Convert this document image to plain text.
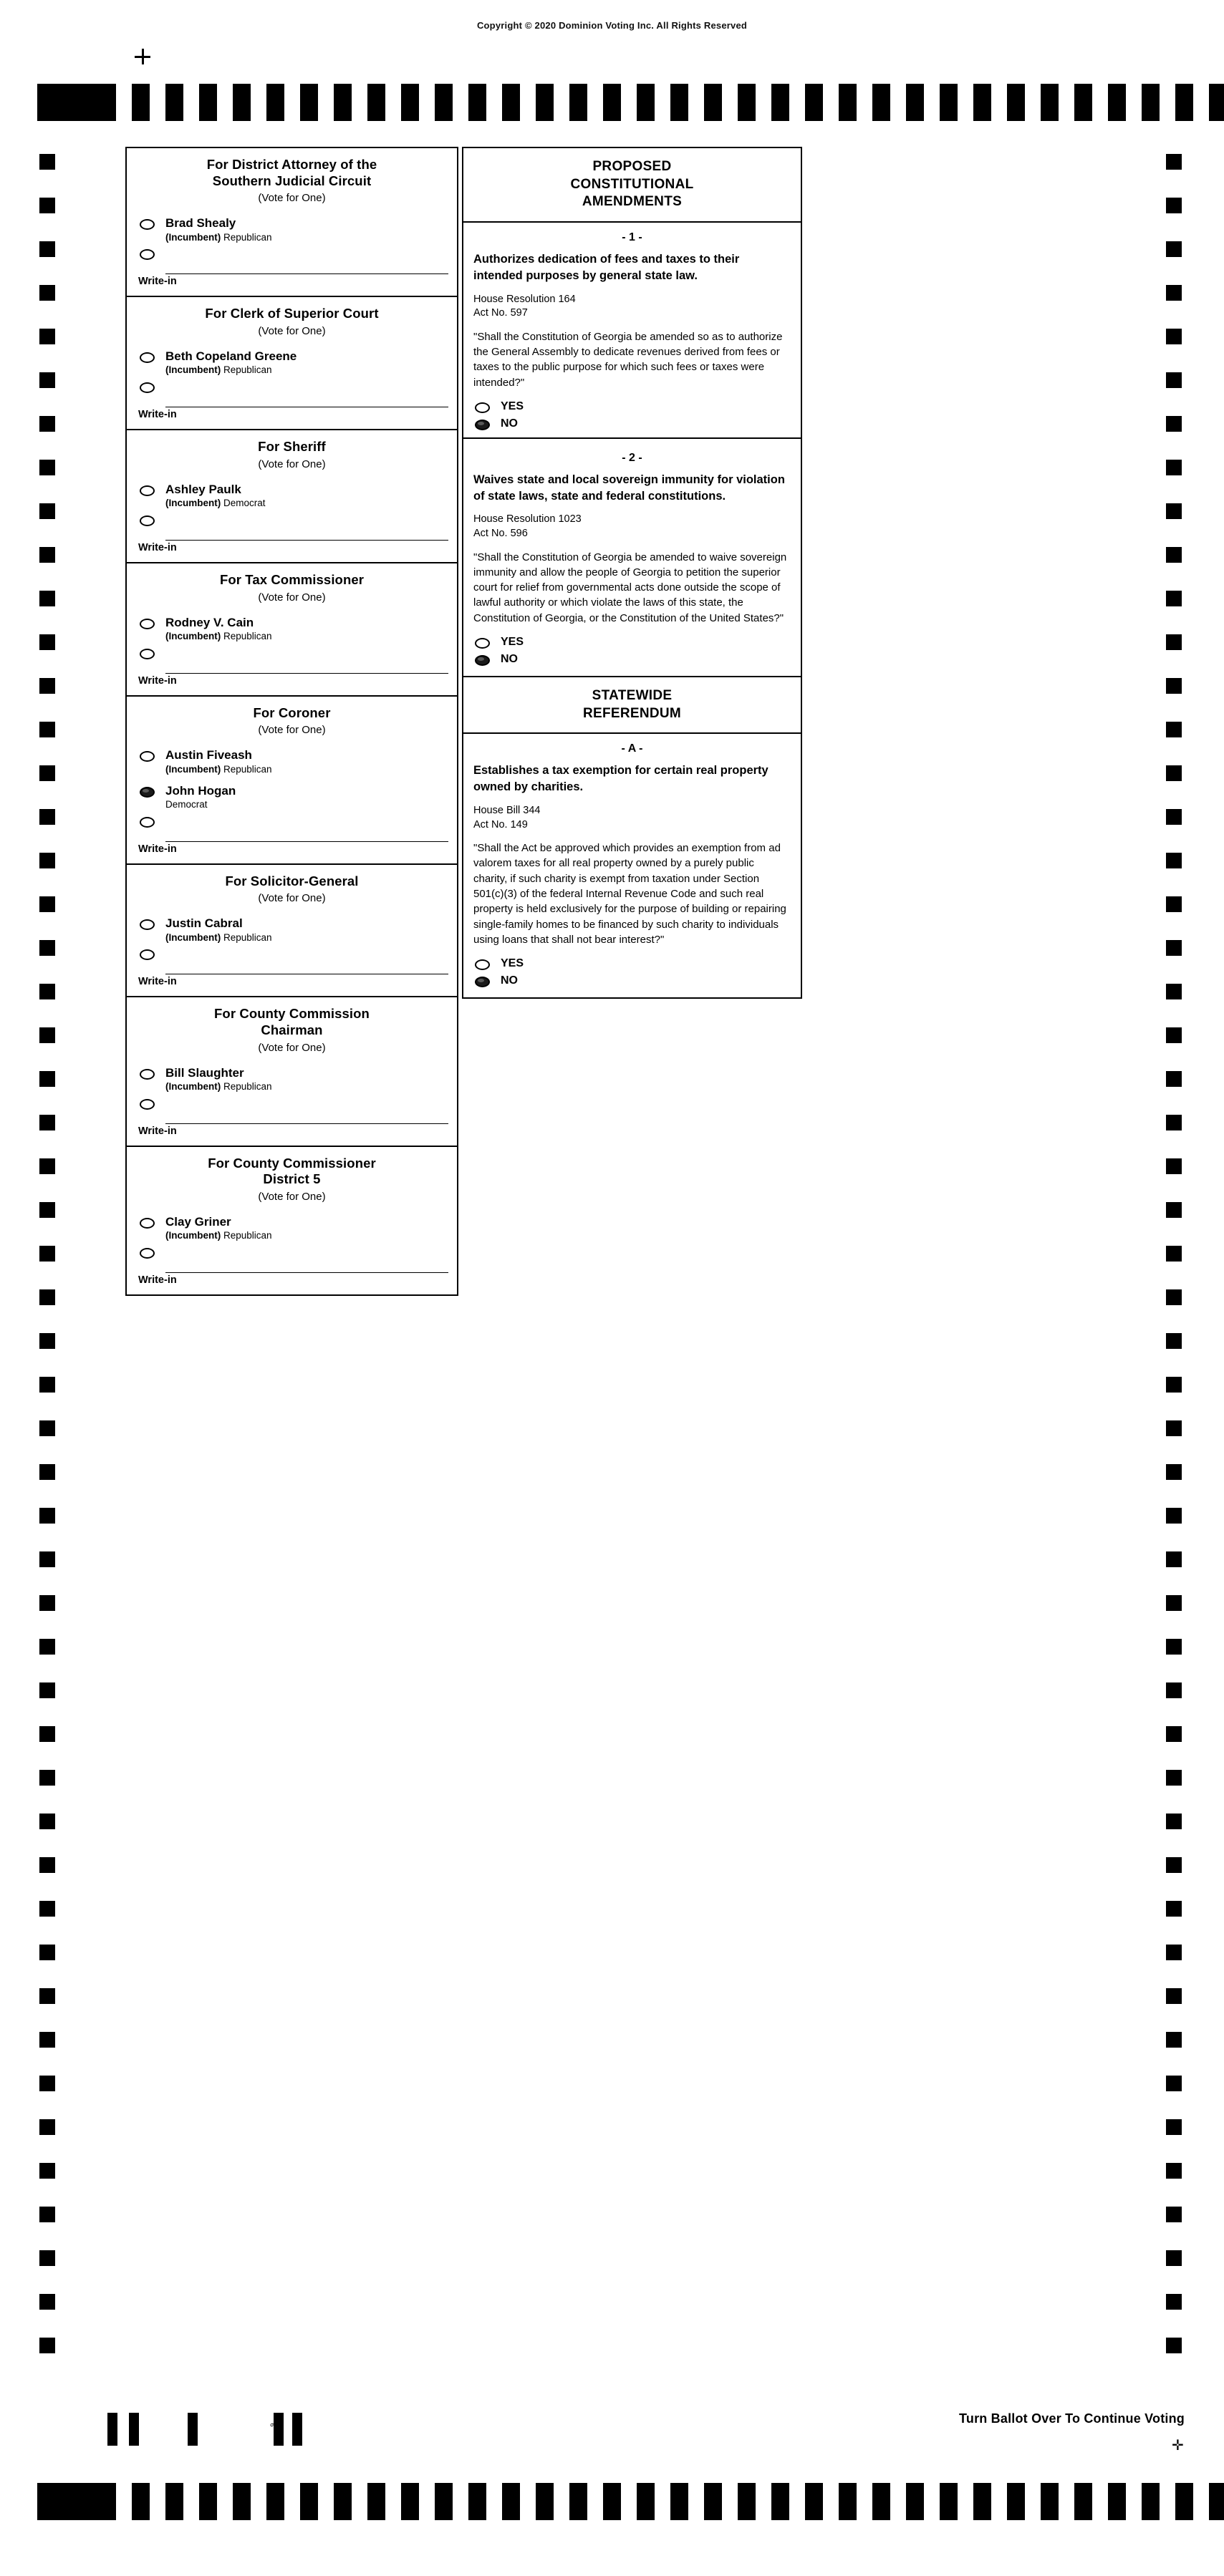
Copyright © 2020 Dominion Voting Inc. All Rights Reserved
6
For District Attorney of the
Southern Judicial Circuit
(Vote for One)
Brad Shealy
(Incumbent) Republican
Write-in
For Clerk of Superior Court
(Vote for One)
Beth Copeland Greene
(Incumbent) Republican
Write-in
For Sheriff
(Vote for One)
Ashley Paulk
(Incumbent) Democrat
Write-in
For Tax Commissioner
(Vote for One)
Rodney V. Cain
(Incumbent) Republican
Write-in
For Coroner
(Vote for One)
Austin Fiveash
(Incumbent) Republican
John Hogan
Democrat
Write-in
For Solicitor-General
(Vote for One)
Justin Cabral
(Incumbent) Republican
Write-in
For County Commission
Chairman
(Vote for One)
Bill Slaughter
(Incumbent) Republican
Write-in
For County Commissioner
District 5
(Vote for One)
Clay Griner
(Incumbent) Republican
Write-in
PROPOSED
CONSTITUTIONAL
AMENDMENTS
- 1 -
Authorizes dedication of fees and taxes to their intended purposes by general state law.
House Resolution 164
Act No. 597
"Shall the Constitution of Georgia be amended so as to authorize the General Assembly to dedicate revenues derived from fees or taxes to the public purpose for which such fees or taxes were intended?"
YES
NO
- 2 -
Waives state and local sovereign immunity for violation of state laws, state and federal constitutions.
House Resolution 1023
Act No. 596
"Shall the Constitution of Georgia be amended to waive sovereign immunity and allow the people of Georgia to petition the superior court for relief from governmental acts done outside the scope of lawful authority or which violate the laws of this state, the Constitution of Georgia, or the Constitution of the United States?"
YES
NO
STATEWIDE
REFERENDUM
- A -
Establishes a tax exemption for certain real property owned by charities.
House Bill 344
Act No. 149
"Shall the Act be approved which provides an exemption from ad valorem taxes for all real property owned by a purely public charity, if such charity is exempt from taxation under Section 501(c)(3) of the federal Internal Revenue Code and such real property is held exclusively for the purpose of building or repairing single-family homes to be financed by such charity to individuals using loans that shall not bear interest?"
YES
NO
Turn Ballot Over To Continue Voting
✛
